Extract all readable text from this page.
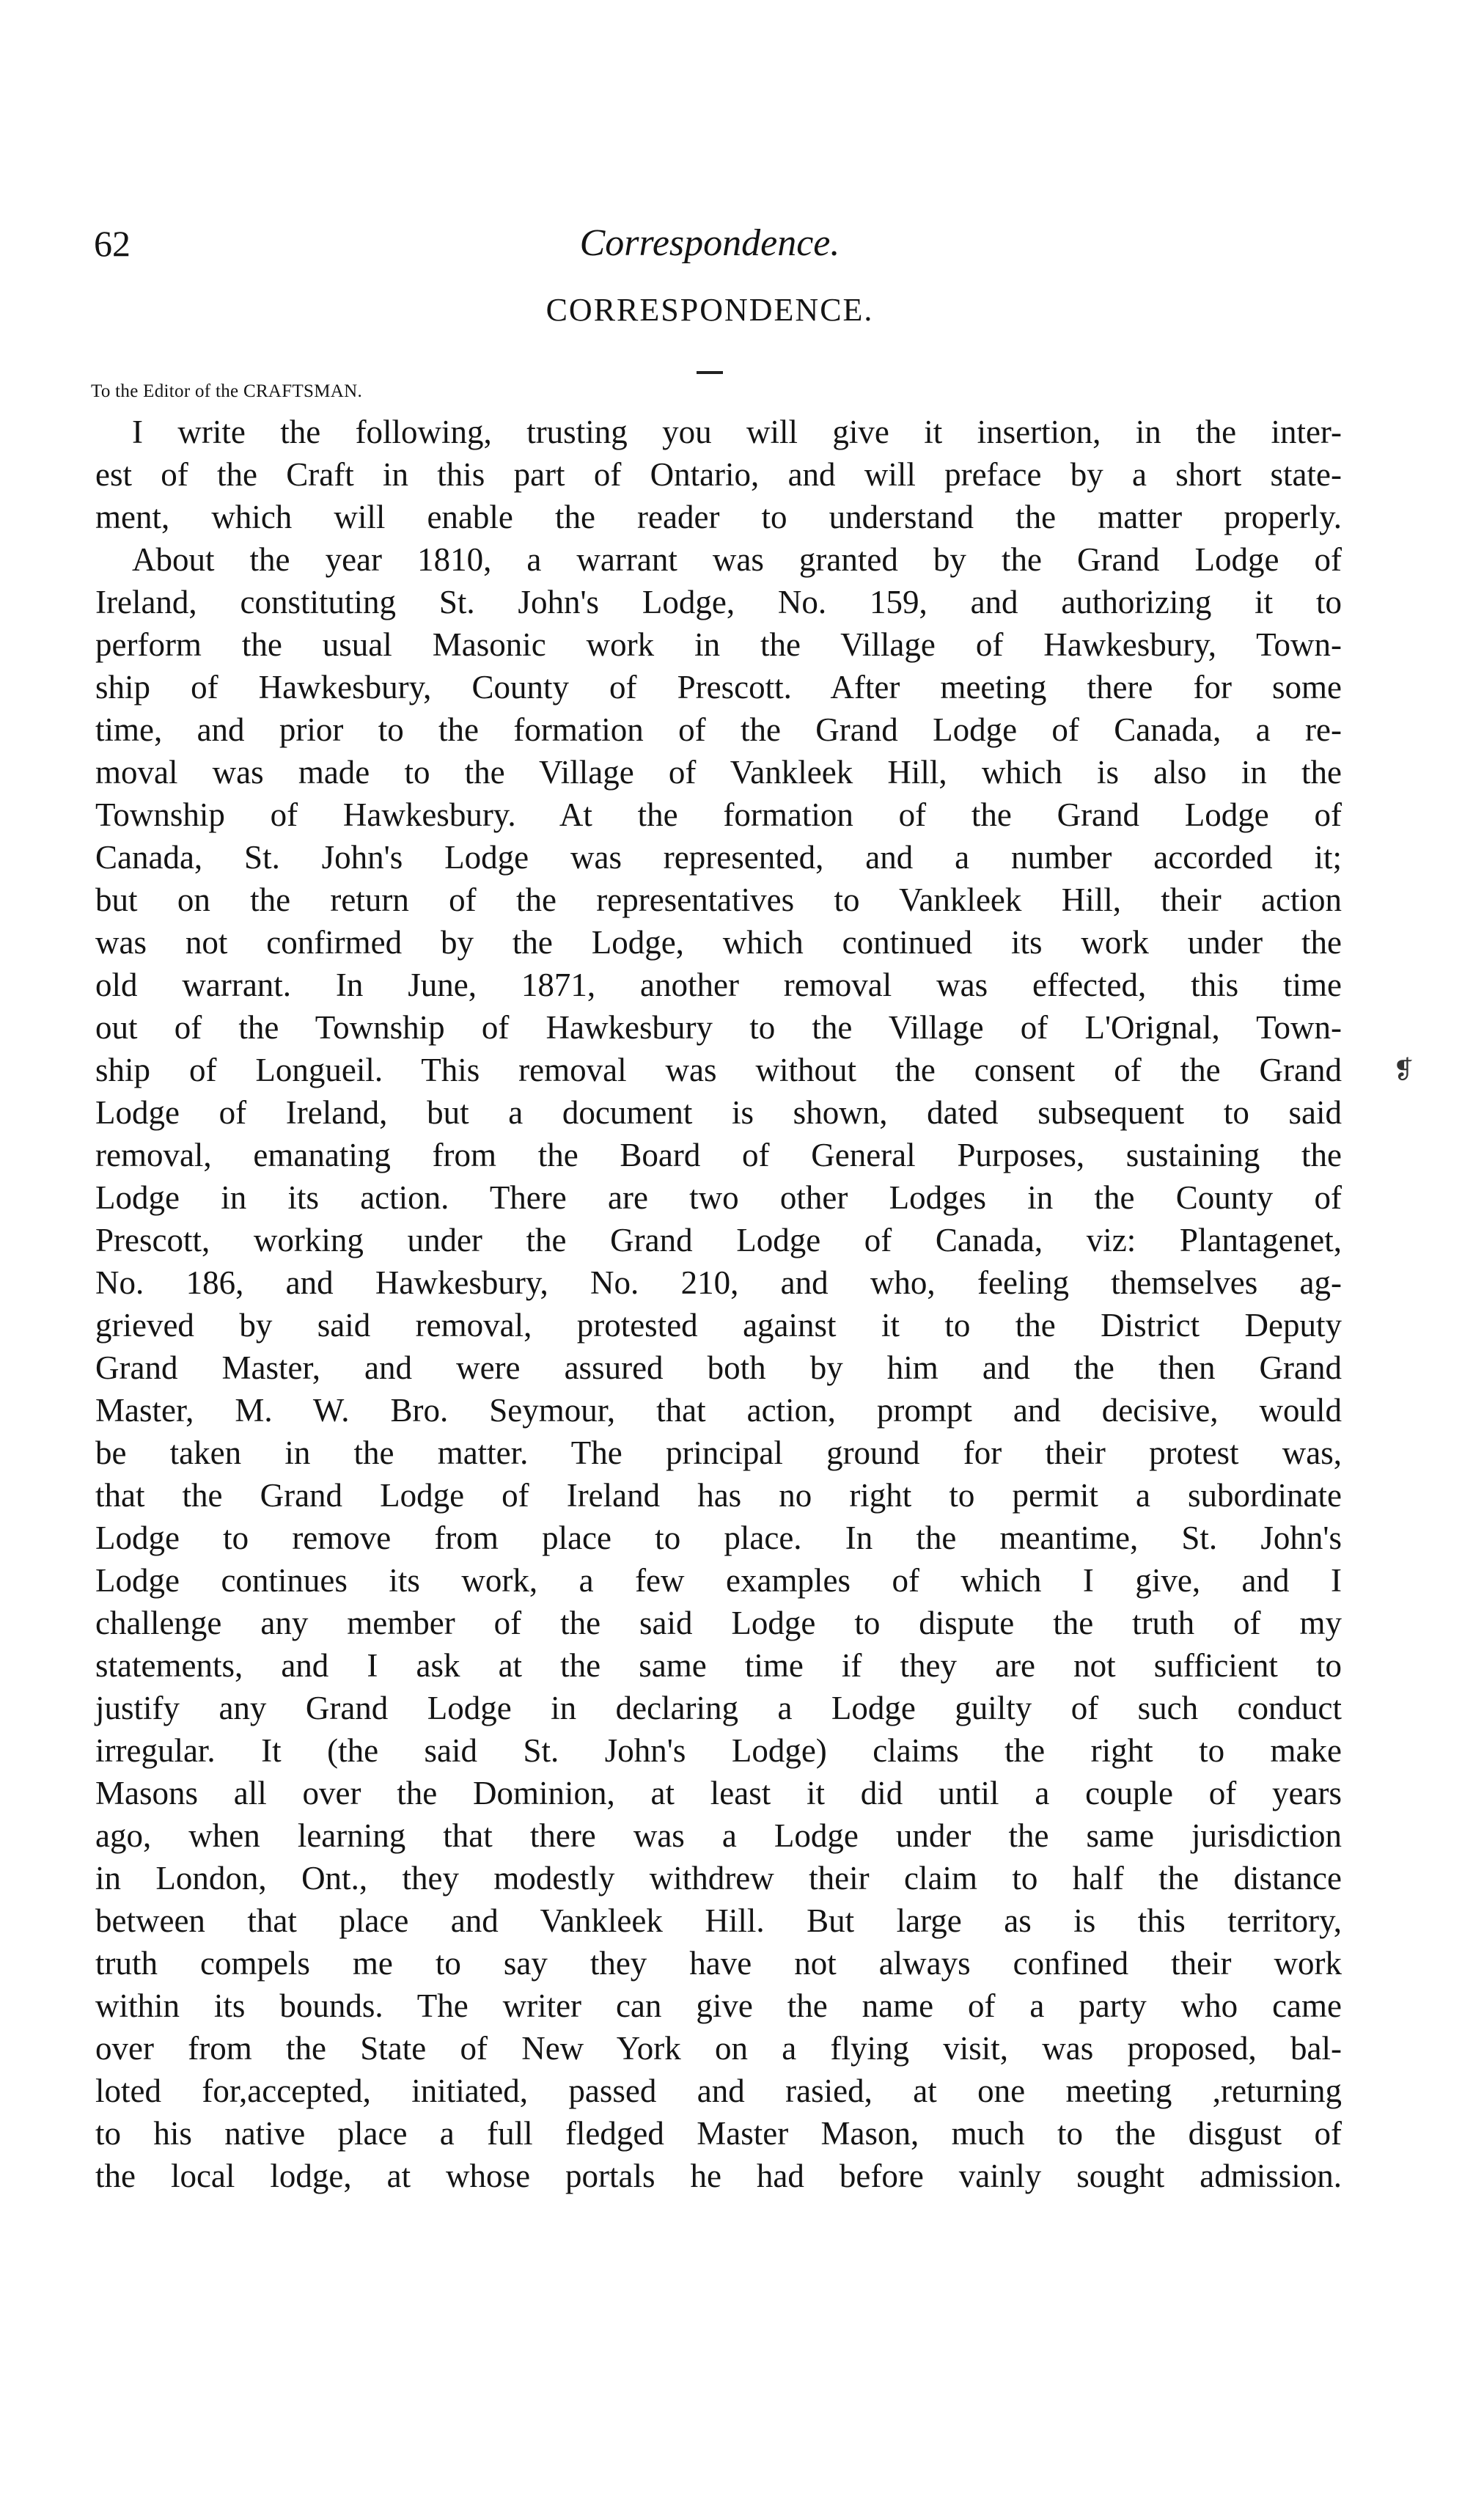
62	Correspondence.
CORRESPONDENCE.
To the Editor of the CRAFTSMAN.
I write the following, trusting you will give it insertion, in the inter-
est of the Craft in this part of Ontario, and will preface by a short state-
ment, which will enable the reader to understand the matter properly.
About the year 1810, a warrant was granted by the Grand Lodge of
Ireland, constituting St. John's Lodge, No. 159, and authorizing it to
perform the usual Masonic work in the Village of Hawkesbury, Town-
ship of Hawkesbury, County of Prescott. After meeting there for some
time, and prior to the formation of the Grand Lodge of Canada, a re-
moval was made to the Village of Vankleek Hill, which is also in the
Township of Hawkesbury. At the formation of the Grand Lodge of
Canada, St. John's Lodge was represented, and a number accorded it;
but on the return of the representatives to Vankleek Hill, their action
was not confirmed by the Lodge, which continued its work under the
old warrant. In June, 1871, another removal was effected, this time
out of the Township of Hawkesbury to the Village of L'Orignal, Town-
ship of Longueil. This removal was without the consent of the Grand
Lodge of Ireland, but a document is shown, dated subsequent to said
removal, emanating from the Board of General Purposes, sustaining the
Lodge in its action. There are two other Lodges in the County of
Prescott, working under the Grand Lodge of Canada, viz: Plantagenet,
No. 186, and Hawkesbury, No. 210, and who, feeling themselves ag-
grieved by said removal, protested against it to the District Deputy
Grand Master, and were assured both by him and the then Grand
Master, M. W. Bro. Seymour, that action, prompt and decisive, would
be taken in the matter. The principal ground for their protest was,
that the Grand Lodge of Ireland has no right to permit a subordinate
Lodge to remove from place to place. In the meantime, St. John's
Lodge continues its work, a few examples of which I give, and I
challenge any member of the said Lodge to dispute the truth of my
statements, and I ask at the same time if they are not sufficient to
justify any Grand Lodge in declaring a Lodge guilty of such conduct
irregular. It (the said St. John's Lodge) claims the right to make
Masons all over the Dominion, at least it did until a couple of years
ago, when learning that there was a Lodge under the same jurisdiction
in London, Ont., they modestly withdrew their claim to half the distance
between that place and Vankleek Hill. But large as is this territory,
truth compels me to say they have not always confined their work
within its bounds. The writer can give the name of a party who came
over from the State of New York on a flying visit, was proposed, bal-
loted for,accepted, initiated, passed and rasied, at one meeting ,returning
to his native place a full fledged Master Mason, much to the disgust of
the local lodge, at whose portals he had before vainly sought admission.
❡
